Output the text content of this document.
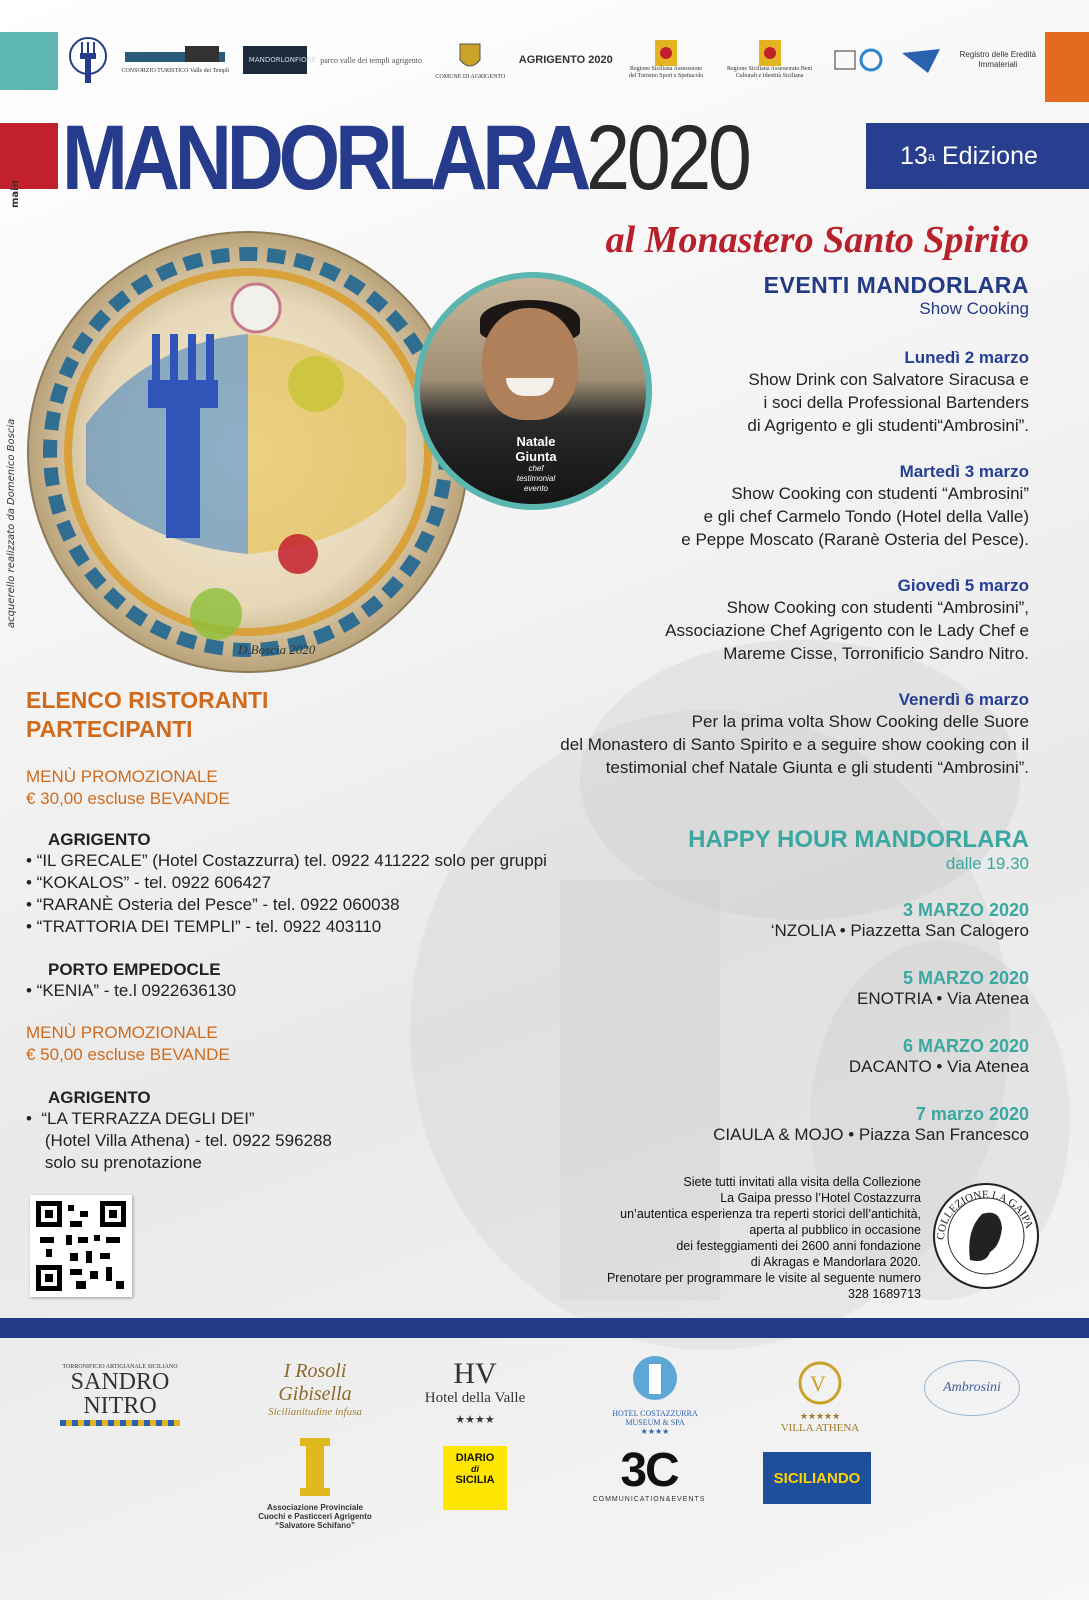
CONSORZIO TURISTICO Valle dei Templi
MANDORLONFIORE parco valle dei templi agrigento
COMUNE DI AGRIGENTO
AGRIGENTO 2020
Regione Siciliana Assessorato del Turismo Sport e Spettacolo
Regione Siciliana Assessorato Beni Culturali e Identità Siciliana
Registro delle Eredità Immateriali
MANDORLARA2020	13 a
Edizione
al Monastero Santo Spirito
main
acquerello realizzato da Domenico Boscia
D.Boscia 2020
Natale
Giunta
chef
testimonial
evento
EVENTI MANDORLARA
Show Cooking
Lunedì 2 marzo
Show Drink con Salvatore Siracusa e
i soci della Professional Bartenders
di Agrigento e gli studenti“Ambrosini”.
Martedì 3 marzo
Show Cooking con studenti “Ambrosini”
e gli chef Carmelo Tondo (Hotel della Valle)
e Peppe Moscato (Raranè Osteria del Pesce).
Giovedì 5 marzo
Show Cooking con studenti “Ambrosini”,
Associazione Chef Agrigento con le Lady Chef e
Mareme Cisse, Torronificio Sandro Nitro.
Venerdì 6 marzo
Per la prima volta Show Cooking delle Suore
del Monastero di Santo Spirito e a seguire show cooking con il
testimonial chef Natale Giunta e gli studenti “Ambrosini”.
HAPPY HOUR MANDORLARA
dalle 19.30
3 MARZO 2020
‘NZOLIA • Piazzetta San Calogero
5 MARZO 2020
ENOTRIA • Via Atenea
6 MARZO 2020
DACANTO • Via Atenea
7 marzo 2020
CIAULA & MOJO • Piazza San Francesco
ELENCO RISTORANTI
PARTECIPANTI
MENÙ PROMOZIONALE
€ 30,00 escluse BEVANDE
AGRIGENTO
• “IL GRECALE” (Hotel Costazzurra) tel. 0922 411222 solo per gruppi
• “KOKALOS” - tel. 0922 606427
• “RARANÈ Osteria del Pesce” - tel. 0922 060038
• “TRATTORIA DEI TEMPLI” - tel. 0922 403110
PORTO EMPEDOCLE
• “KENIA” - te.l 0922636130
MENÙ PROMOZIONALE
€ 50,00 escluse BEVANDE
AGRIGENTO
•  “LA TERRAZZA DEGLI DEI”
(Hotel Villa Athena) - tel. 0922 596288
solo su prenotazione
Siete tutti invitati alla visita della Collezione
La Gaipa presso l’Hotel Costazzurra
un’autentica esperienza tra reperti storici dell’antichità,
aperta al pubblico in occasione
dei festeggiamenti dei 2600 anni fondazione
di Akragas e Mandorlara 2020.
Prenotare per programmare le visite al seguente numero
328 1689713
COLLEZIONE LA GAIPA
TORRONIFICIO ARTIGIANALE SICILIANO
SANDRO
NITRO
I Rosoli
Gibisella
Sicilianitudine infusa
HV
Hotel della Valle
★★★★
HOTEL COSTAZZURRA
MUSEUM & SPA
★★★★
V
★★★★★
VILLA ATHENA
Ambrosini
Associazione Provinciale
Cuochi e Pasticceri Agrigento
“Salvatore Schifano”
DIARIO
di
SICILIA	3C
COMMUNICATION&EVENTS
SICILIANDO
